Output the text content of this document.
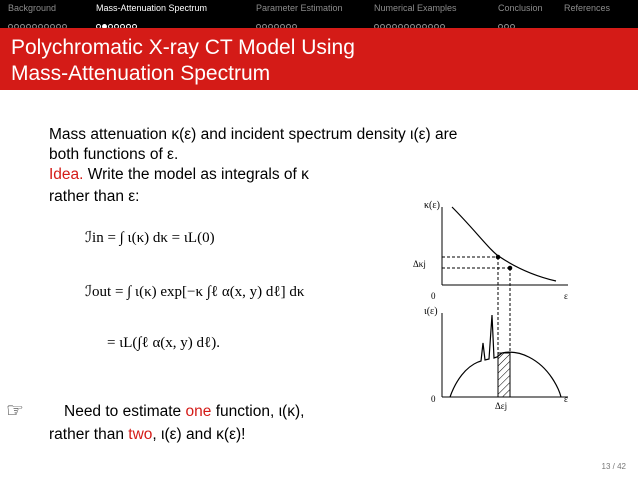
Background	Mass-Attenuation Spectrum	Parameter Estimation	Numerical Examples	Conclusion References
Polychromatic X-ray CT Model Using
Mass-Attenuation Spectrum
Mass attenuation κ(ε) and incident spectrum density ι(ε) are
both functions of ε.
Idea. Write the model as integrals of κ
rather than ε:
ℐin = ∫ ι(κ) dκ = ιL(0)
ℐout = ∫ ι(κ) exp[−κ ∫ℓ α(x, y) dℓ] dκ
= ιL(∫ℓ α(x, y) dℓ).
☞	Need to estimate one function, ι(κ),
rather than two, ι(ε) and κ(ε)!
κ(ε)
Δκj
0	ε
ι(ε)
0
Δεj
ε
13 / 42
